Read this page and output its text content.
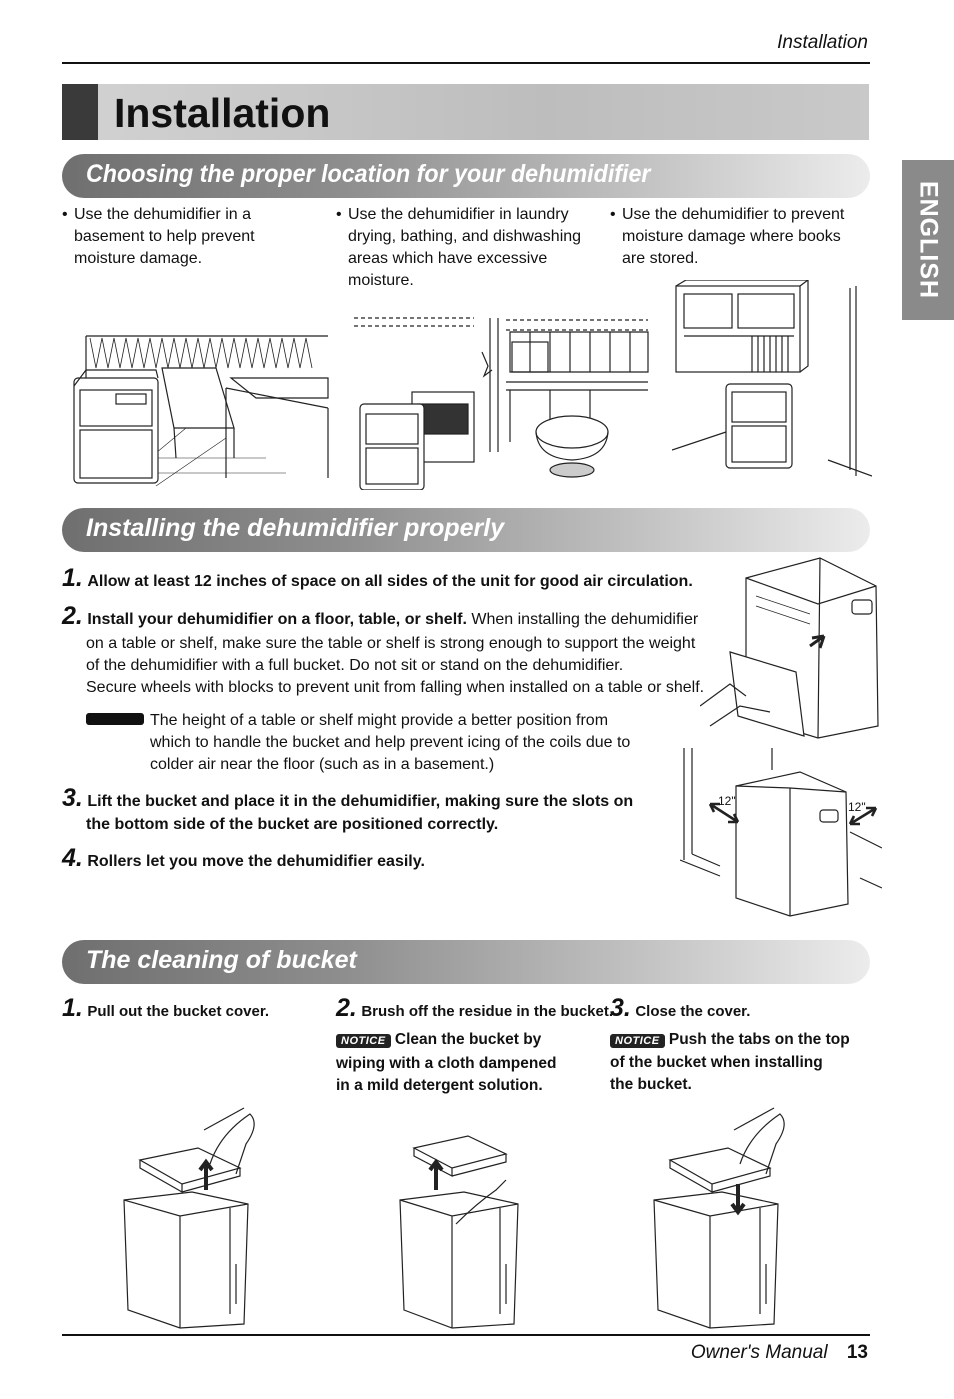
Installation
Installation
ENGLISH
Choosing the proper location for your dehumidifier
• Use the dehumidifier in a basement to help prevent moisture damage.
• Use the dehumidifier in laundry drying, bathing, and dishwashing areas which have excessive moisture.
• Use the dehumidifier to prevent moisture damage where books are stored.
Installing the dehumidifier properly
1. Allow at least 12 inches of space on all sides of the unit for good air circulation.
2. Install your dehumidifier on a floor, table, or shelf. When installing the dehumidifier
on a table or shelf, make sure the table or shelf is strong enough to support the weight
of the dehumidifier with a full bucket. Do not sit or stand on the dehumidifier.
Secure wheels with blocks to prevent unit from falling when installed on a table or shelf.
The height of a table or shelf might provide a better position from
which to handle the bucket and help prevent icing of the coils due to
colder air near the floor (such as in a basement.)
3. Lift the bucket and place it in the dehumidifier, making sure the slots on
the bottom side of the bucket are positioned correctly.
4. Rollers let you move the dehumidifier easily.
12"	12"
The cleaning of bucket
1. Pull out the bucket cover.	2. Brush off the residue in the bucket.
NOTICE Clean the bucket by
wiping with a cloth dampened
in a mild detergent solution.
3. Close the cover.
NOTICE Push the tabs on the top
of the bucket when installing
the bucket.
Owner's Manual 13
